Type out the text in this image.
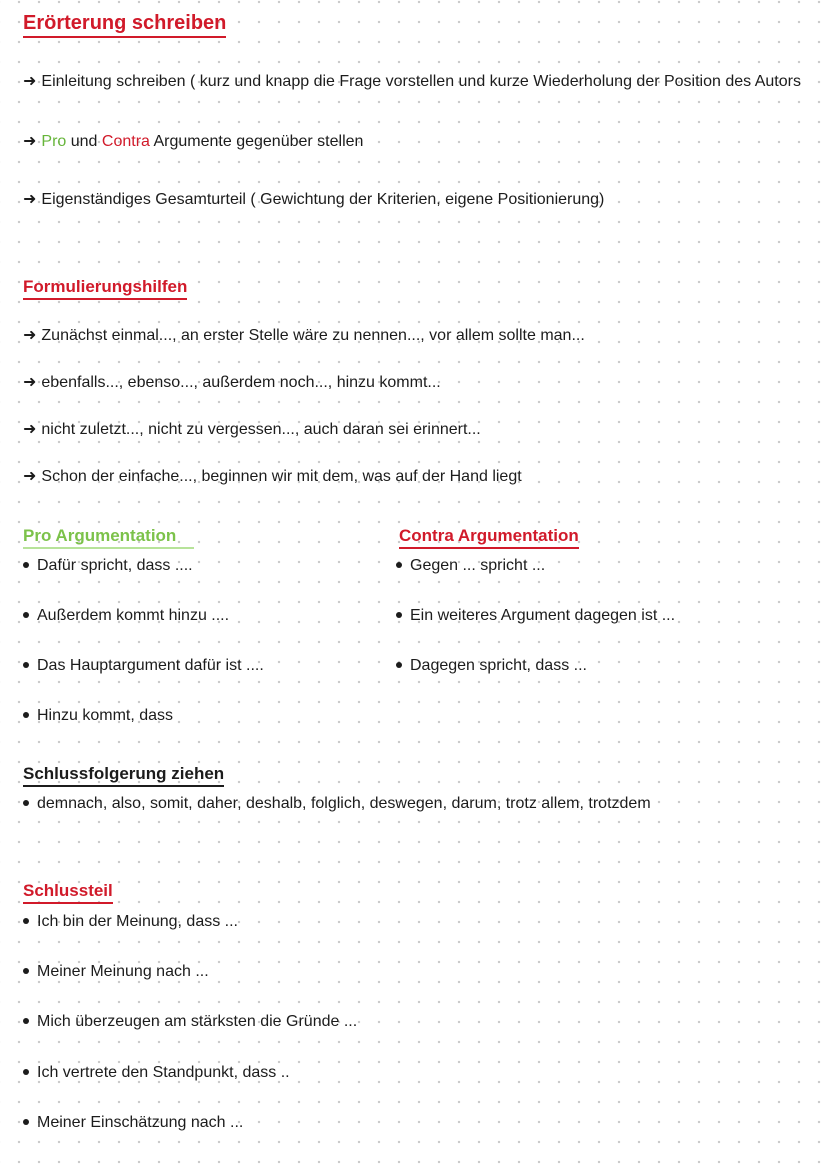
Erörterung schreiben
➜ Einleitung schreiben ( kurz und knapp die Frage vorstellen und kurze Wiederholung der Position des Autors
➜ Pro und Contra Argumente gegenüber stellen
➜ Eigenständiges Gesamturteil ( Gewichtung der Kriterien, eigene Positionierung)
Formulierungshilfen
➜ Zunächst einmal..., an erster Stelle wäre zu nennen..., vor allem sollte man...
➜ ebenfalls..., ebenso..., außerdem noch..., hinzu kommt...
➜ nicht zuletzt..., nicht zu vergessen..., auch daran sei erinnert...
➜ Schon der einfache..., beginnen wir mit dem, was auf der Hand liegt
Pro Argumentation
Dafür spricht, dass ....
Außerdem kommt hinzu ....
Das Hauptargument dafür ist ....
Hinzu kommt, dass
Contra Argumentation
Gegen ... spricht ...
Ein weiteres Argument dagegen ist ...
Dagegen spricht, dass ...
Schlussfolgerung ziehen
demnach, also, somit, daher, deshalb, folglich, deswegen, darum, trotz allem, trotzdem
Schlussteil
Ich bin der Meinung, dass ...
Meiner Meinung nach ...
Mich überzeugen am stärksten die Gründe ...
Ich vertrete den Standpunkt, dass ..
Meiner Einschätzung nach ...
